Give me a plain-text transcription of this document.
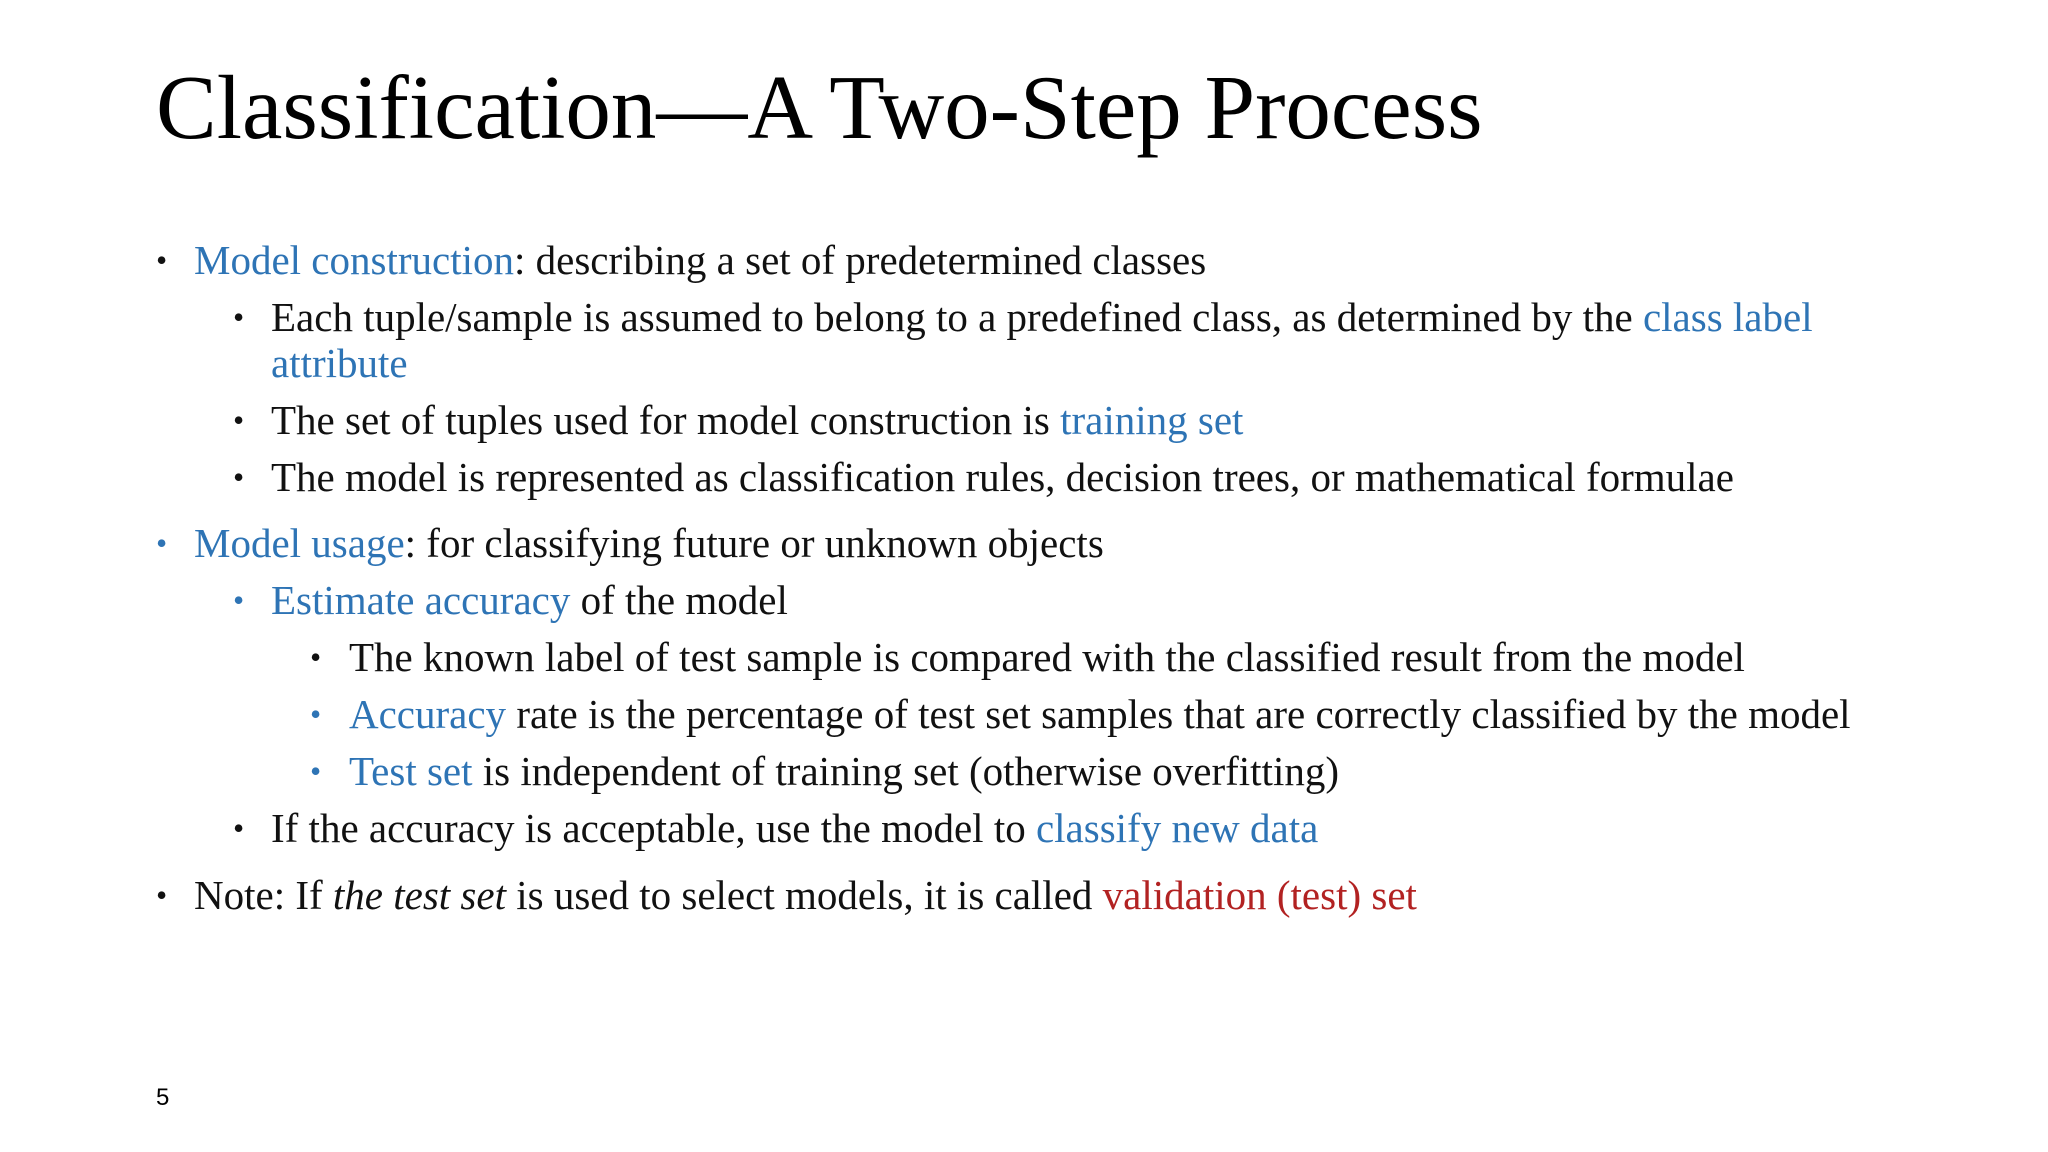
Classification—A Two-Step Process
• Model construction: describing a set of predetermined classes
• Each tuple/sample is assumed to belong to a predefined class, as determined by the class label attribute
• The set of tuples used for model construction is training set
• The model is represented as classification rules, decision trees, or mathematical formulae
• Model usage: for classifying future or unknown objects
• Estimate accuracy of the model
• The known label of test sample is compared with the classified result from the model
• Accuracy rate is the percentage of test set samples that are correctly classified by the model
• Test set is independent of training set (otherwise overfitting)
• If the accuracy is acceptable, use the model to classify new data
• Note: If the test set is used to select models, it is called validation (test) set
5
